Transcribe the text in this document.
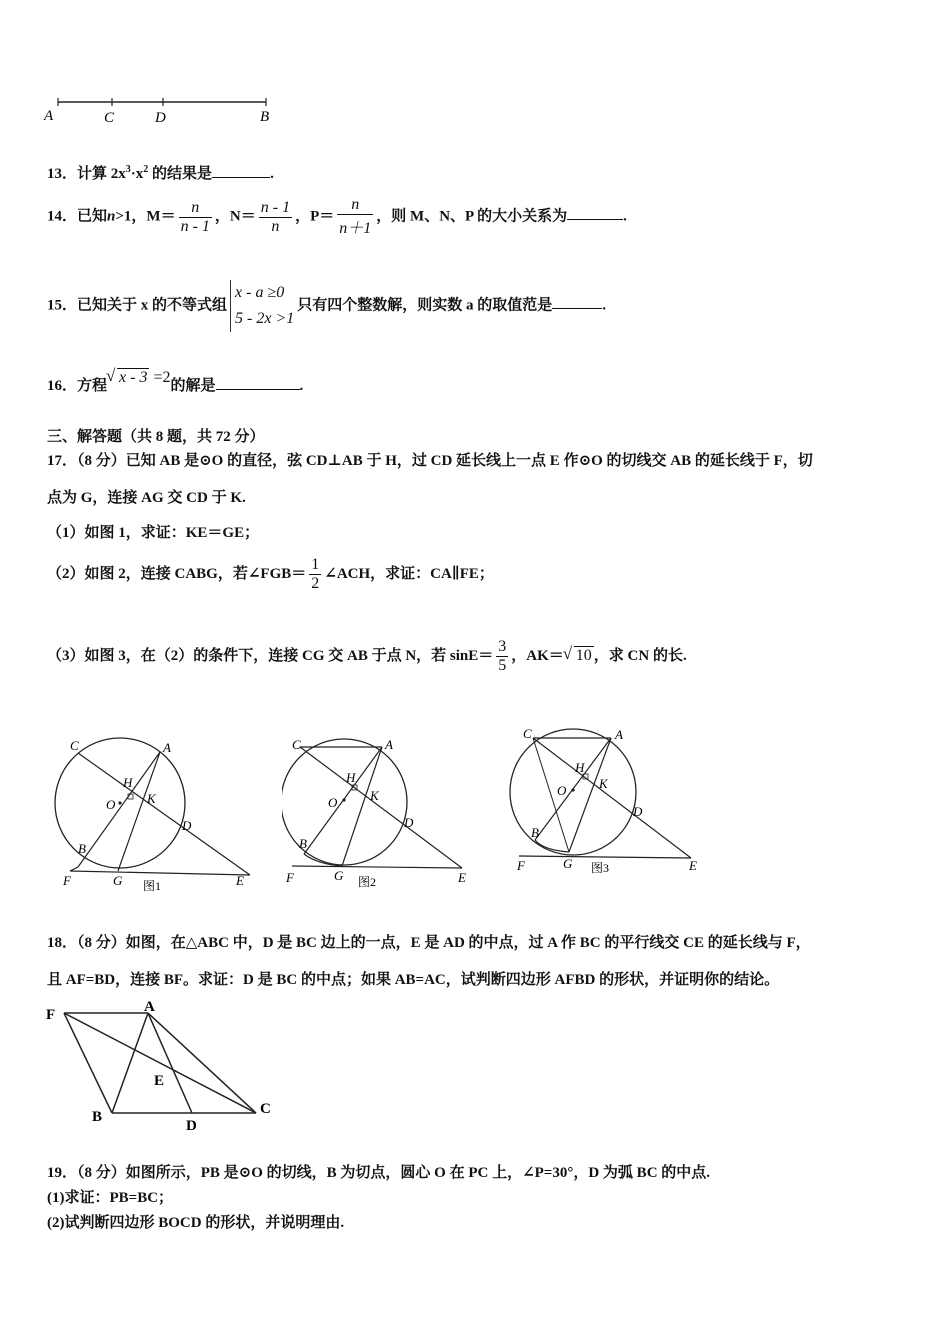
A	C	D	B
13．计算 $2x^3\cdot x^2$ 的结果是	.
14．已知n>1，$M= \frac{n}{n - 1}$ ，$N= \frac{n - 1}{n}$ ，$P= \frac{n}{n+1}$ ，则 M、N、P 的大小关系为	.
15．已知关于 x 的不等式组
x - a ≥0
5 - 2x >1
只有四个整数解，则实数 a 的取值范是	.
16．方程 √ x - 3 =2的解是	.
三、解答题（共 8 题，共 72 分）
17．（8 分）已知 AB 是⊙O 的直径，弦 CD⊥AB 于 H，过 CD 延长线上一点 E 作⊙O 的切线交 AB 的延长线于 F，切
点为 G，连接 AG 交 CD 于 K.
（1）如图 1，求证：KE＝GE；
（2）如图 2，连接 CABG，若∠FGB＝ $\frac{1}{2}$ ∠ACH，求证：CA∥FE；
（3）如图 3，在（2）的条件下，连接 CG 交 AB 于点 N，若 $\sin E= \frac{3}{5}$ ，AK＝ √ 10 ，求 CN 的长.
C	A
H
O K
D
B
F	G	E
图1
C	A
H
O	K
D
B
F	G	E
图2
C	A
H
O	K
D
B
F	G	E
图3
18．（8 分）如图，在△ABC 中，D 是 BC 边上的一点，E 是 AD 的中点，过 A 作 BC 的平行线交 CE 的延长线与 F，
且 AF=BD，连接 BF。求证：D 是 BC 的中点；如果 AB=AC，试判断四边形 AFBD 的形状，并证明你的结论。
F	A
E
B
D
C
19．（8 分）如图所示，PB 是⊙O 的切线，B 为切点，圆心 O 在 PC 上，∠P=30°，D 为弧 BC 的中点.
(1)求证：PB=BC；
(2)试判断四边形 BOCD 的形状，并说明理由.
